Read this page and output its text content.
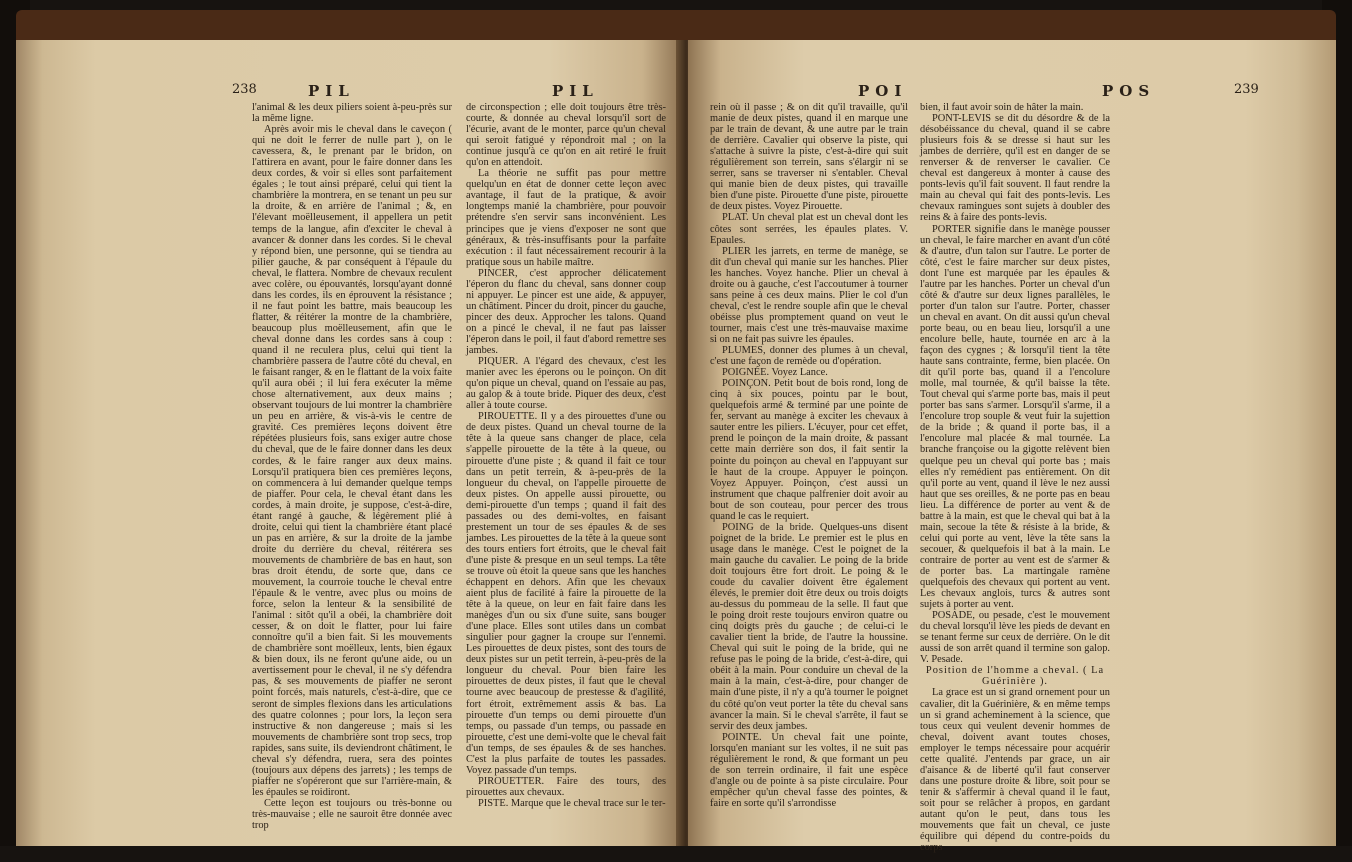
238	PIL	PIL

l'animal & les deux piliers soient à-peu-près sur la même ligne.

Après avoir mis le cheval dans le caveçon ( qui ne doit le ferrer de nulle part ), on le cavessera, &, le prenant par le bridon, on l'attirera en avant, pour le faire donner dans les deux cordes, & voir si elles sont parfaitement égales ; le tout ainsi préparé, celui qui tient la chambrière la montrera, en se tenant un peu sur la droite, & en arrière de l'animal ; &, en l'élevant moëlleusement, il appellera un petit temps de la langue, afin d'exciter le cheval à avancer & donner dans les cordes. Si le cheval y répond bien, une personne, qui se tiendra au pilier gauche, & par conséquent à l'épaule du cheval, le flattera. Nombre de chevaux reculent avec colère, ou épouvantés, lorsqu'ayant donné dans les cordes, ils en éprouvent la résistance ; il ne faut point les battre, mais beaucoup les flatter, & réitérer la montre de la chambrière, beaucoup plus moëlleusement, afin que le cheval donne dans les cordes sans à coup : quand il ne reculera plus, celui qui tient la chambrière passera de l'autre côté du cheval, en le faisant ranger, & en le flattant de la voix faite qu'il aura obéi ; il lui fera exécuter la même chose alternativement, aux deux mains ; observant toujours de lui montrer la chambrière un peu en arrière, & vis-à-vis le centre de gravité. Ces premières leçons doivent être répétées plusieurs fois, sans exiger autre chose du cheval, que de le faire donner dans les deux cordes, & le faire ranger aux deux mains. Lorsqu'il pratiquera bien ces premières leçons, on commencera à lui demander quelque temps de piaffer. Pour cela, le cheval étant dans les cordes, à main droite, je suppose, c'est-à-dire, étant rangé à gauche, & légèrement plié à droite, celui qui tient la chambrière étant placé un pas en arrière, & sur la droite de la jambe droite du derrière du cheval, réitérera ses mouvements de chambrière de bas en haut, son bras droit étendu, de sorte que, dans ce mouvement, la courroie touche le cheval entre l'épaule & le ventre, avec plus ou moins de force, selon la lenteur & la sensibilité de l'animal : sitôt qu'il a obéi, la chambrière doit cesser, & on doit le flatter, pour lui faire connoître qu'il a bien fait. Si les mouvements de chambrière sont moëlleux, lents, bien égaux & bien doux, ils ne feront qu'une aide, ou un avertissement pour le cheval, il ne s'y défendra pas, & ses mouvements de piaffer ne seront point forcés, mais naturels, c'est-à-dire, que ce seront de simples flexions dans les articulations des quatre colonnes ; pour lors, la leçon sera instructive & non dangereuse ; mais si les mouvements de chambrière sont trop secs, trop rapides, sans suite, ils deviendront châtiment, le cheval s'y défendra, ruera, sera des pointes (toujours aux dépens des jarrets) ; les temps de piaffer ne s'opéreront que sur l'arrière-main, & les épaules se roidiront.

Cette leçon est toujours ou très-bonne ou très-mauvaise ; elle ne sauroit être donnée avec trop

de circonspection ; elle doit toujours être très-courte, & donnée au cheval lorsqu'il sort de l'écurie, avant de le monter, parce qu'un cheval qui seroit fatigué y répondroit mal ; on la continue jusqu'à ce qu'on en ait retiré le fruit qu'on en attendoit.

La théorie ne suffit pas pour mettre quelqu'un en état de donner cette leçon avec avantage, il faut de la pratique, & avoir longtemps manié la chambrière, pour pouvoir prétendre s'en servir sans inconvénient. Les principes que je viens d'exposer ne sont que généraux, & très-insuffisants pour la parfaite exécution : il faut nécessairement recourir à la pratique sous un habile maître.

PINCER, c'est approcher délicatement l'éperon du flanc du cheval, sans donner coup ni appuyer. Le pincer est une aide, & appuyer, un châtiment. Pincer du droit, pincer du gauche, pincer des deux. Approcher les talons. Quand on a pincé le cheval, il ne faut pas laisser l'éperon dans le poil, il faut d'abord remettre ses jambes.

PIQUER. A l'égard des chevaux, c'est les manier avec les éperons ou le poinçon. On dit qu'on pique un cheval, quand on l'essaie au pas, au galop & à toute bride. Piquer des deux, c'est aller à toute course.

PIROUETTE. Il y a des pirouettes d'une ou de deux pistes. Quand un cheval tourne de la tête à la queue sans changer de place, cela s'appelle pirouette de la tête à la queue, ou pirouette d'une piste ; & quand il fait ce tour dans un petit terrein, & à-peu-près de la longueur du cheval, on l'appelle pirouette de deux pistes. On appelle aussi pirouette, ou demi-pirouette d'un temps ; quand il fait des passades ou des demi-voltes, en faisant prestement un tour de ses épaules & de ses jambes. Les pirouettes de la tête à la queue sont des tours entiers fort étroits, que le cheval fait d'une piste & presque en un seul temps. La tête se trouve où étoit la queue sans que les hanches échappent en dehors. Afin que les chevaux aient plus de facilité à faire la pirouette de la tête à la queue, on leur en fait faire dans les manèges d'un ou six d'une suite, sans bouger d'une place. Elles sont utiles dans un combat singulier pour gagner la croupe sur l'ennemi. Les pirouettes de deux pistes, sont des tours de deux pistes sur un petit terrein, à-peu-près de la longueur du cheval. Pour bien faire les pirouettes de deux pistes, il faut que le cheval tourne avec beaucoup de prestesse & d'agilité, fort étroit, extrêmement assis & bas. La pirouette d'un temps ou demi pirouette d'un temps, ou passade d'un temps, ou passade en pirouette, c'est une demi-volte que le cheval fait d'un temps, de ses épaules & de ses hanches. C'est la plus parfaite de toutes les passades. Voyez passade d'un temps.

PIROUETTER. Faire des tours, des pirouettes aux chevaux.

PISTE. Marque que le cheval trace sur le ter-

POI	POS	239

rein où il passe ; & on dit qu'il travaille, qu'il manie de deux pistes, quand il en marque une par le train de devant, & une autre par le train de derrière. Cavalier qui observe la piste, qui s'attache à suivre la piste, c'est-à-dire qui suit régulièrement son terrein, sans s'élargir ni se serrer, sans se traverser ni s'entabler. Cheval qui manie bien de deux pistes, qui travaille bien d'une piste. Pirouette d'une piste, pirouette de deux pistes. Voyez Pirouette.

PLAT. Un cheval plat est un cheval dont les côtes sont serrées, les épaules plates. V. Epaules.

PLIER les jarrets, en terme de manège, se dit d'un cheval qui manie sur les hanches. Plier les hanches. Voyez hanche. Plier un cheval à droite ou à gauche, c'est l'accoutumer à tourner sans peine à ces deux mains. Plier le col d'un cheval, c'est le rendre souple afin que le cheval obéisse plus promptement quand on veut le tourner, mais c'est une très-mauvaise maxime si on ne fait pas suivre les épaules.

PLUMES, donner des plumes à un cheval, c'est une façon de remède ou d'opération.

POIGNÉE. Voyez Lance.

POINÇON. Petit bout de bois rond, long de cinq à six pouces, pointu par le bout, quelquefois armé & terminé par une pointe de fer, servant au manège à exciter les chevaux à sauter entre les piliers. L'écuyer, pour cet effet, prend le poinçon de la main droite, & passant cette main derrière son dos, il fait sentir la pointe du poinçon au cheval en l'appuyant sur le haut de la croupe. Appuyer le poinçon. Voyez Appuyer. Poinçon, c'est aussi un instrument que chaque palfrenier doit avoir au bout de son couteau, pour percer des trous quand le cas le requiert.

POING de la bride. Quelques-uns disent poignet de la bride. Le premier est le plus en usage dans le manège. C'est le poignet de la main gauche du cavalier. Le poing de la bride doit toujours être fort droit. Le poing & le coude du cavalier doivent être également élevés, le premier doit être deux ou trois doigts au-dessus du pommeau de la selle. Il faut que le poing droit reste toujours environ quatre ou cinq doigts près du gauche ; de celui-ci le cavalier tient la bride, de l'autre la houssine. Cheval qui suit le poing de la bride, qui ne refuse pas le poing de la bride, c'est-à-dire, qui obéit à la main. Pour conduire un cheval de la main à la main, c'est-à-dire, pour changer de main d'une piste, il n'y a qu'à tourner le poignet du côté qu'on veut porter la tête du cheval sans avancer la main. Si le cheval s'arrête, il faut se servir des deux jambes.

POINTE. Un cheval fait une pointe, lorsqu'en maniant sur les voltes, il ne suit pas régulièrement le rond, & que formant un peu de son terrein ordinaire, il fait une espèce d'angle ou de pointe à sa piste circulaire. Pour empêcher qu'un cheval fasse des pointes, & faire en sorte qu'il s'arrondisse

bien, il faut avoir soin de hâter la main.

PONT-LEVIS se dit du désordre & de la désobéissance du cheval, quand il se cabre plusieurs fois & se dresse si haut sur les jambes de derrière, qu'il est en danger de se renverser & de renverser le cavalier. Ce cheval est dangereux à monter à cause des ponts-levis qu'il fait souvent. Il faut rendre la main au cheval qui fait des ponts-levis. Les chevaux ramingues sont sujets à doubler des reins & à faire des ponts-levis.

PORTER signifie dans le manège pousser un cheval, le faire marcher en avant d'un côté & d'autre, d'un talon sur l'autre. Le porter de côté, c'est le faire marcher sur deux pistes, dont l'une est marquée par les épaules & l'autre par les hanches. Porter un cheval d'un côté & d'autre sur deux lignes parallèles, le porter d'un talon sur l'autre. Porter, chasser un cheval en avant. On dit aussi qu'un cheval porte beau, ou en beau lieu, lorsqu'il a une encolure belle, haute, tournée en arc à la façon des cygnes ; & lorsqu'il tient la tête haute sans contrainte, ferme, bien placée. On dit qu'il porte bas, quand il a l'encolure molle, mal tournée, & qu'il baisse la tête. Tout cheval qui s'arme porte bas, mais il peut porter bas sans s'armer. Lorsqu'il s'arme, il a l'encolure trop souple & veut fuir la sujettion de la bride ; & quand il porte bas, il a l'encolure mal placée & mal tournée. La branche françoise ou la gigotte relèvent bien quelque peu un cheval qui porte bas ; mais elles n'y remédient pas entièrement. On dit qu'il porte au vent, quand il lève le nez aussi haut que ses oreilles, & ne porte pas en beau lieu. La différence de porter au vent & de battre à la main, est que le cheval qui bat à la main, secoue la tête & résiste à la bride, & celui qui porte au vent, lève la tête sans la secouer, & quelquefois il bat à la main. Le contraire de porter au vent est de s'armer & de porter bas. La martingale ramène quelquefois des chevaux qui portent au vent. Les chevaux anglois, turcs & autres sont sujets à porter au vent.

POSADE, ou pesade, c'est le mouvement du cheval lorsqu'il lève les pieds de devant en se tenant ferme sur ceux de derrière. On le dit aussi de son arrêt quand il termine son galop. V. Pesade.

Position de l'homme a cheval. ( La Guérinière ).

La grace est un si grand ornement pour un cavalier, dit la Guérinière, & en même temps un si grand acheminement à la science, que tous ceux qui veulent devenir hommes de cheval, doivent avant toutes choses, employer le temps nécessaire pour acquérir cette qualité. J'entends par grace, un air d'aisance & de liberté qu'il faut conserver dans une posture droite & libre, soit pour se tenir & s'affermir à cheval quand il le faut, soit pour se relâcher à propos, en gardant autant qu'on le peut, dans tous les mouvements que fait un cheval, ce juste équilibre qui dépend du contre-poids du corps
